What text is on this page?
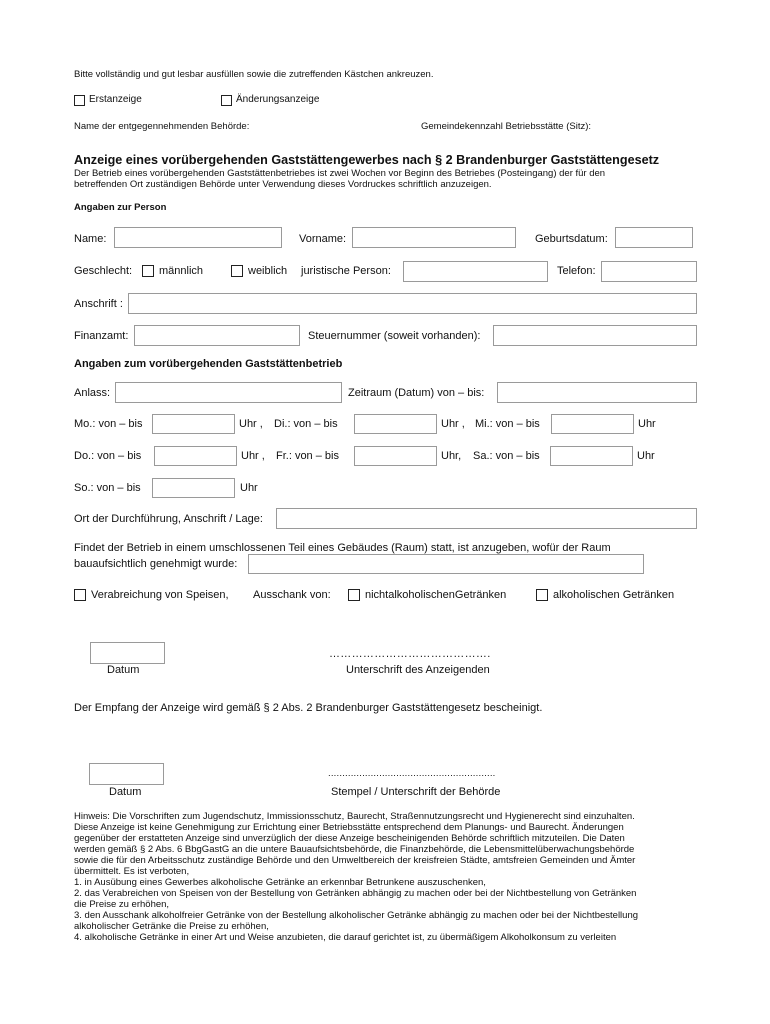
Bitte vollständig und gut lesbar ausfüllen sowie die zutreffenden Kästchen ankreuzen.
Erstanzeige	Änderungsanzeige
Name der entgegennehmenden Behörde:	Gemeindekennzahl Betriebsstätte (Sitz):
Anzeige eines vorübergehenden Gaststättengewerbes nach § 2 Brandenburger Gaststättengesetz
Der Betrieb eines vorübergehenden Gaststättenbetriebes ist zwei Wochen vor Beginn des Betriebes (Posteingang) der für den
betreffenden Ort zuständigen Behörde unter Verwendung dieses Vordruckes schriftlich anzuzeigen.
Angaben zur Person
Name:	Vorname:	Geburtsdatum:
Geschlecht: männlich	weiblich juristische Person:	Telefon:
Anschrift :
Finanzamt:	Steuernummer (soweit vorhanden):
Angaben zum vorübergehenden Gaststättenbetrieb
Anlass:	Zeitraum (Datum) von – bis:
Mo.: von – bis	Uhr , Di.: von – bis	Uhr , Mi.: von – bis	Uhr
Do.: von – bis	Uhr , Fr.: von – bis	Uhr, Sa.: von – bis	Uhr
So.: von – bis	Uhr
Ort der Durchführung, Anschrift / Lage:
Findet der Betrieb in einem umschlossenen Teil eines Gebäudes (Raum) statt, ist anzugeben, wofür der Raum
bauaufsichtlich genehmigt wurde:
Verabreichung von Speisen, Ausschank von:	nichtalkoholischenGetränken	alkoholischen Getränken
Datum
…………………………………….
Unterschrift des Anzeigenden
Der Empfang der Anzeige wird gemäß § 2 Abs. 2 Brandenburger Gaststättengesetz bescheinigt.
Datum
...........................................................
Stempel / Unterschrift der Behörde
Hinweis: Die Vorschriften zum Jugendschutz, Immissionsschutz, Baurecht, Straßennutzungsrecht und Hygienerecht sind einzuhalten.
Diese Anzeige ist keine Genehmigung zur Errichtung einer Betriebsstätte entsprechend dem Planungs- und Baurecht. Änderungen
gegenüber der erstatteten Anzeige sind unverzüglich der diese Anzeige bescheinigenden Behörde schriftlich mitzuteilen. Die Daten
werden gemäß § 2 Abs. 6 BbgGastG an die untere Bauaufsichtsbehörde, die Finanzbehörde, die Lebensmittelüberwachungsbehörde
sowie die für den Arbeitsschutz zuständige Behörde und den Umweltbereich der kreisfreien Städte, amtsfreien Gemeinden und Ämter
übermittelt. Es ist verboten,
1. in Ausübung eines Gewerbes alkoholische Getränke an erkennbar Betrunkene auszuschenken,
2. das Verabreichen von Speisen von der Bestellung von Getränken abhängig zu machen oder bei der Nichtbestellung von Getränken
die Preise zu erhöhen,
3. den Ausschank alkoholfreier Getränke von der Bestellung alkoholischer Getränke abhängig zu machen oder bei der Nichtbestellung
alkoholischer Getränke die Preise zu erhöhen,
4. alkoholische Getränke in einer Art und Weise anzubieten, die darauf gerichtet ist, zu übermäßigem Alkoholkonsum zu verleiten
